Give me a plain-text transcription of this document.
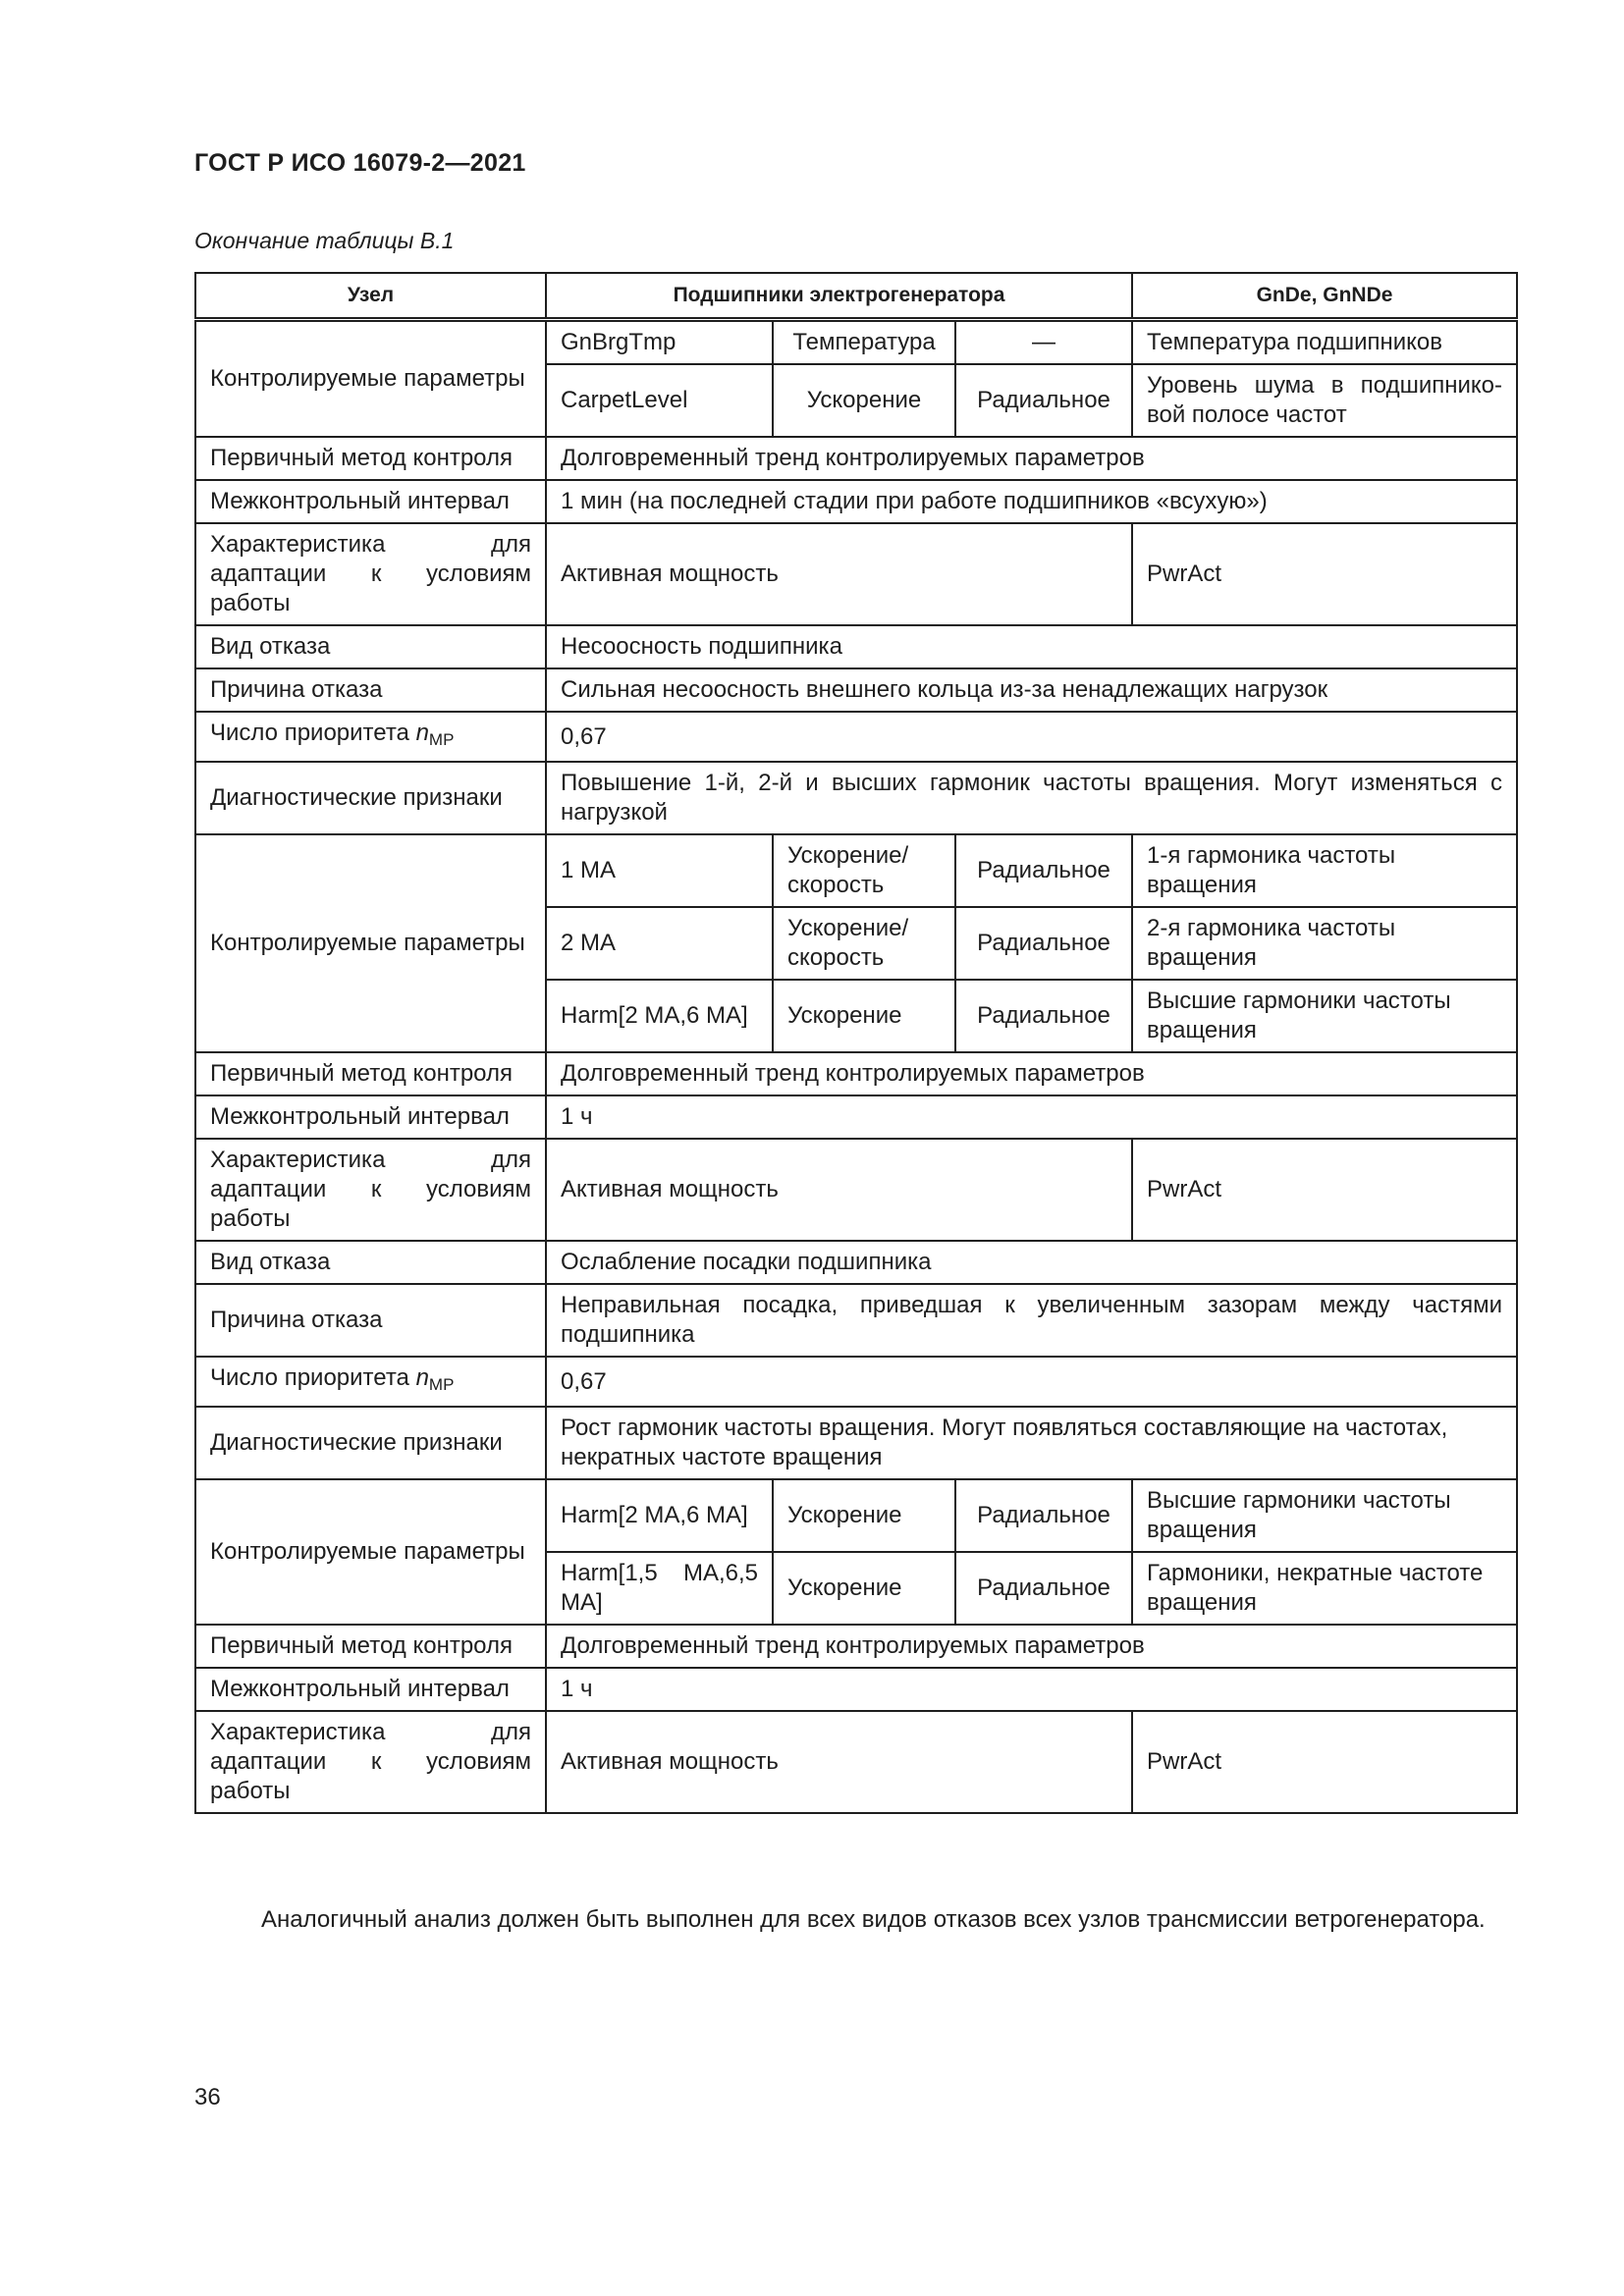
ГОСТ Р ИСО 16079-2—2021
Окончание таблицы В.1
Узел	Подшипники электрогенератора			GnDe, GnNDe
Контролируемые параметры	GnBrgTmp	Температура	—	Температура подшипников
	CarpetLevel	Ускорение	Радиальное	Уровень шума в подшипнико-вой полосе частот
Первичный метод контроля	Долговременный тренд контролируемых параметров			
Межконтрольный интервал	1 мин (на последней стадии при работе подшипников «всухую»)			
Характеристика для адаптации к условиям работы	Активная мощность			PwrAct
Вид отказа	Несоосность подшипника			
Причина отказа	Сильная несоосность внешнего кольца из-за ненадлежащих нагрузок			
Число приоритета $n_{MP}$	0,67			
Диагностические признаки	Повышение 1-й, 2-й и высших гармоник частоты вращения. Могут изменяться с нагрузкой			
Контролируемые параметры	1 MA	Ускорение/ скорость	Радиальное	1-я гармоника частоты вращения
	2 MA	Ускорение/ скорость	Радиальное	2-я гармоника частоты вращения
	Harm[2 MA,6 MA]	Ускорение	Радиальное	Высшие гармоники частоты вращения
Первичный метод контроля	Долговременный тренд контролируемых параметров			
Межконтрольный интервал	1 ч			
Характеристика для адаптации к условиям работы	Активная мощность			PwrAct
Вид отказа	Ослабление посадки подшипника			
Причина отказа	Неправильная посадка, приведшая к увеличенным зазорам между частями подшипника			
Число приоритета $n_{MP}$	0,67			
Диагностические признаки	Рост гармоник частоты вращения. Могут появляться составляющие на частотах, некратных частоте вращения			
Контролируемые параметры	Harm[2 MA,6 MA]	Ускорение	Радиальное	Высшие гармоники частоты вращения
	Harm[1,5 MA,6,5 MA]	Ускорение	Радиальное	Гармоники, некратные частоте вращения
Первичный метод контроля	Долговременный тренд контролируемых параметров			
Межконтрольный интервал	1 ч			
Характеристика для адаптации к условиям работы	Активная мощность			PwrAct

Аналогичный анализ должен быть выполнен для всех видов отказов всех узлов трансмиссии ветрогенератора.

36
